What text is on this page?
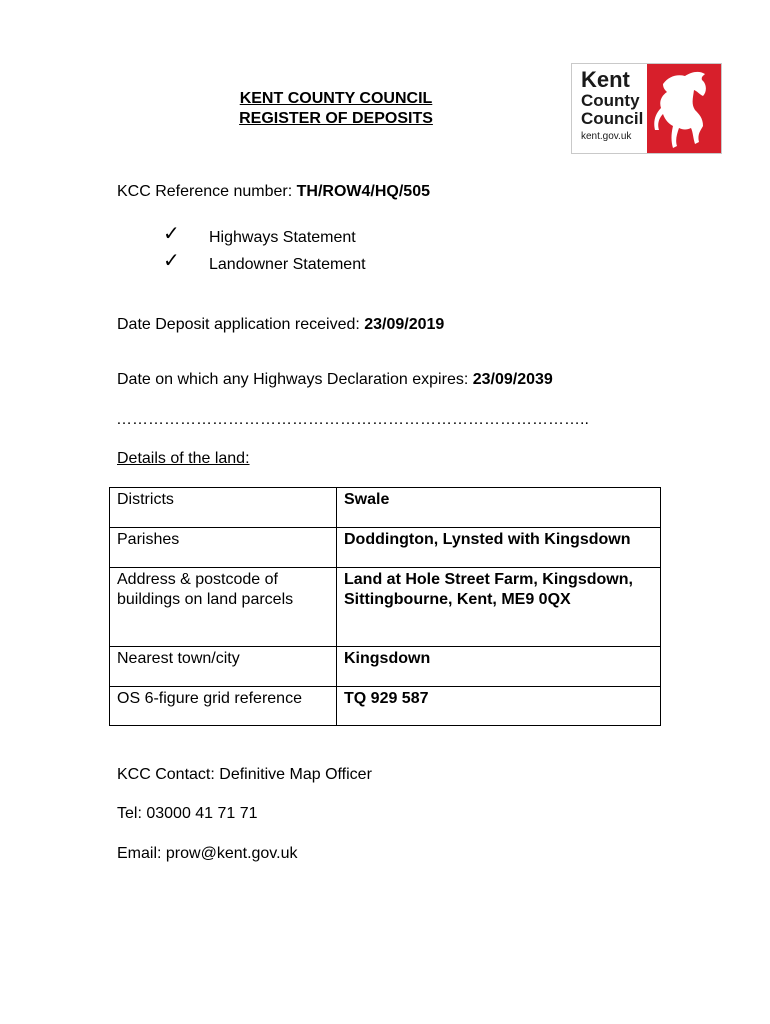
KENT COUNTY COUNCIL
REGISTER OF DEPOSITS
Kent
County
Council
kent.gov.uk
KCC Reference number: TH/ROW4/HQ/505
✓ Highways Statement
✓ Landowner Statement
Date Deposit application received: 23/09/2019
Date on which any Highways Declaration expires: 23/09/2039
……………………………………………………………………………..
Details of the land:
Districts	Swale
Parishes	Doddington, Lynsted with Kingsdown
Address & postcode of buildings on land parcels	Land at Hole Street Farm, Kingsdown, Sittingbourne, Kent, ME9 0QX
Nearest town/city	Kingsdown
OS 6-figure grid reference	TQ 929 587
KCC Contact: Definitive Map Officer
Tel: 03000 41 71 71
Email: prow@kent.gov.uk
